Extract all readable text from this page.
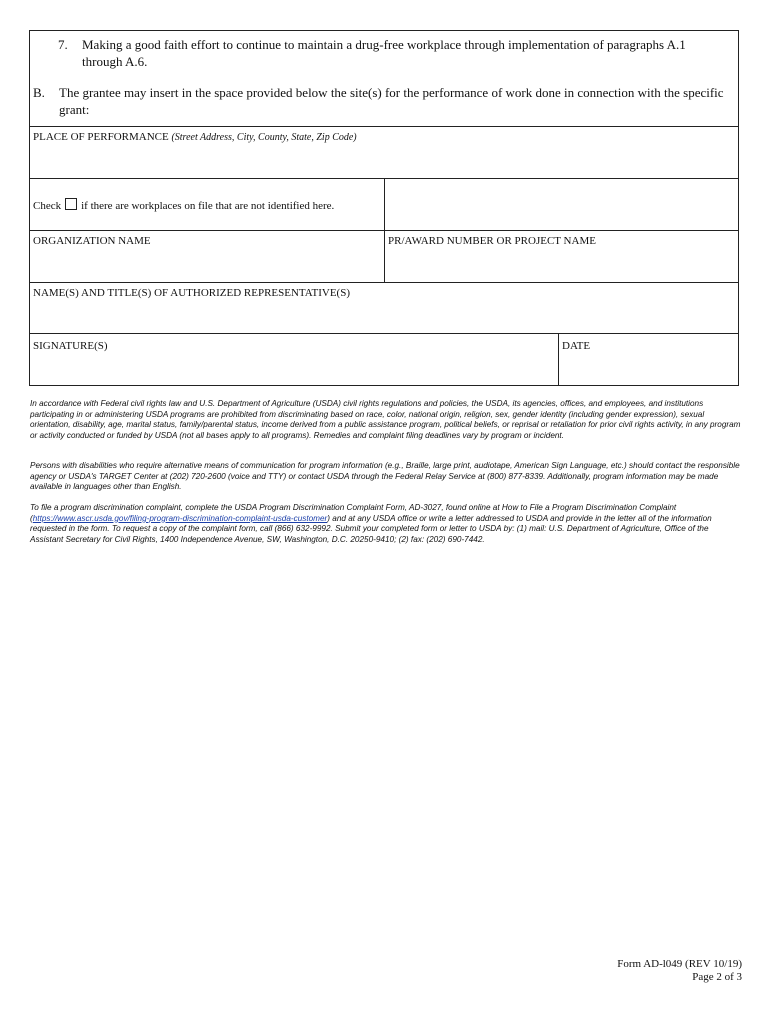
7.	Making a good faith effort to continue to maintain a drug-free workplace through implementation of paragraphs A.1 through A.6.
B.	The grantee may insert in the space provided below the site(s) for the performance of work done in connection with the specific grant:
PLACE OF PERFORMANCE (Street Address, City, County, State, Zip Code)
Check if there are workplaces on file that are not identified here.
ORGANIZATION NAME	PR/AWARD NUMBER OR PROJECT NAME
NAME(S) AND TITLE(S) OF AUTHORIZED REPRESENTATIVE(S)
SIGNATURE(S)	DATE
In accordance with Federal civil rights law and U.S. Department of Agriculture (USDA) civil rights regulations and policies, the USDA, its agencies, offices, and employees, and institutions participating in or administering USDA programs are prohibited from discriminating based on race, color, national origin, religion, sex, gender identity (including gender expression), sexual orientation, disability, age, marital status, family/parental status, income derived from a public assistance program, political beliefs, or reprisal or retaliation for prior civil rights activity, in any program or activity conducted or funded by USDA (not all bases apply to all programs). Remedies and complaint filing deadlines vary by program or incident.
Persons with disabilities who require alternative means of communication for program information (e.g., Braille, large print, audiotape, American Sign Language, etc.) should contact the responsible agency or USDA's TARGET Center at (202) 720-2600 (voice and TTY) or contact USDA through the Federal Relay Service at (800) 877-8339. Additionally, program information may be made available in languages other than English.
To file a program discrimination complaint, complete the USDA Program Discrimination Complaint Form, AD-3027, found online at How to File a Program Discrimination Complaint (https://www.ascr.usda.gov/filing-program-discrimination-complaint-usda-customer) and at any USDA office or write a letter addressed to USDA and provide in the letter all of the information requested in the form. To request a copy of the complaint form, call (866) 632-9992. Submit your completed form or letter to USDA by: (1) mail: U.S. Department of Agriculture, Office of the Assistant Secretary for Civil Rights, 1400 Independence Avenue, SW, Washington, D.C. 20250-9410; (2) fax: (202) 690-7442.
Form AD-l049 (REV 10/19)
Page 2 of 3
